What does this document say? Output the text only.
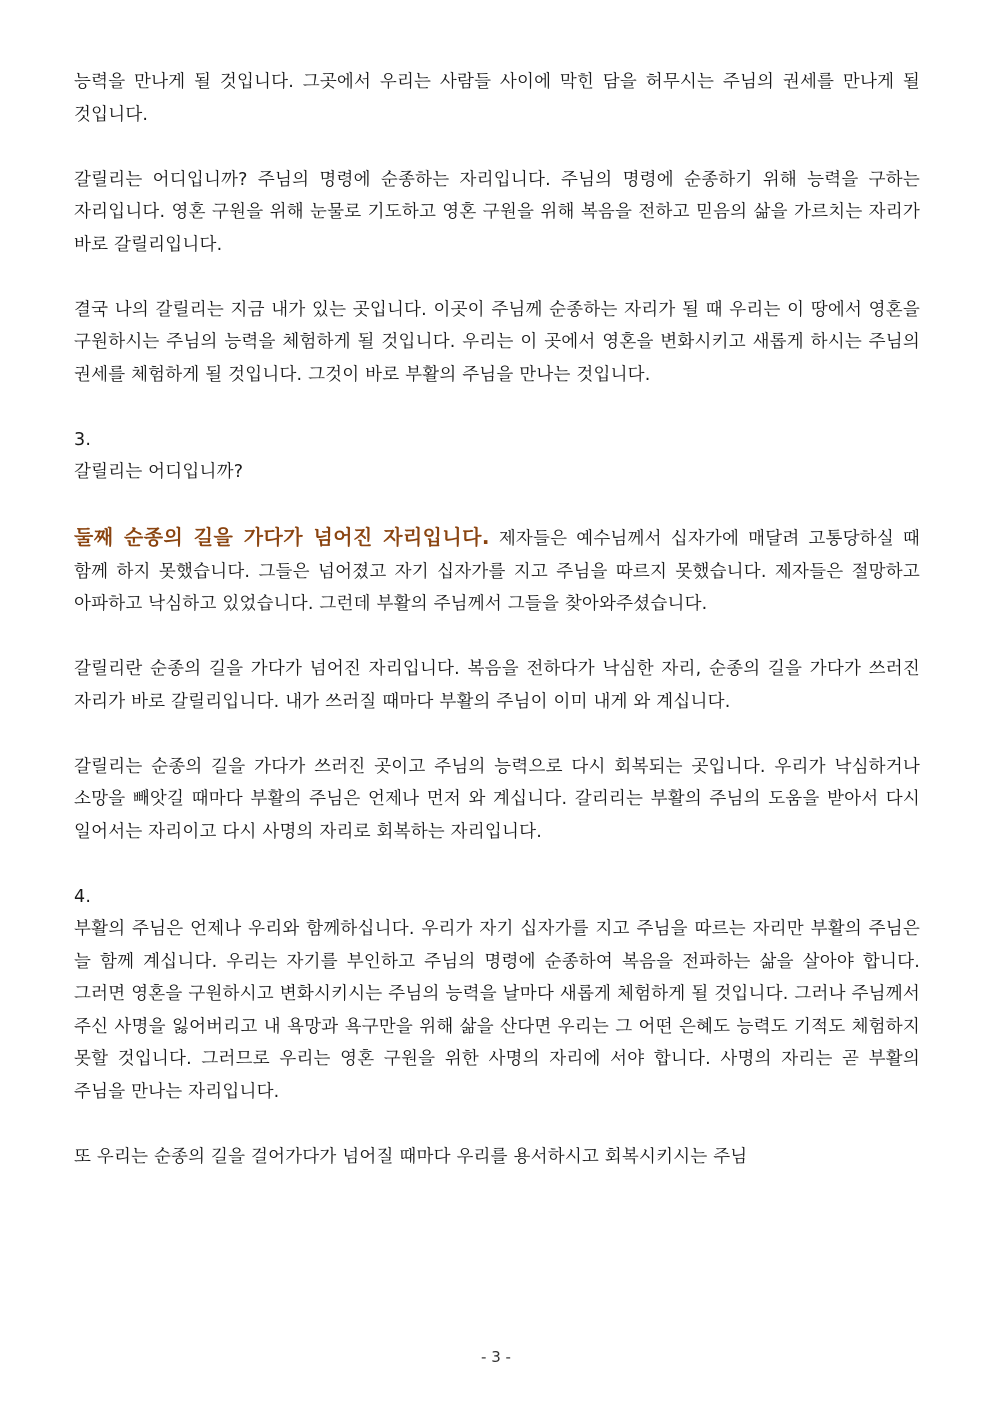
능력을 만나게 될 것입니다. 그곳에서 우리는 사람들 사이에 막힌 담을 허무시는 주님의 권세를 만나게 될 것입니다.

갈릴리는 어디입니까? 주님의 명령에 순종하는 자리입니다. 주님의 명령에 순종하기 위해 능력을 구하는 자리입니다. 영혼 구원을 위해 눈물로 기도하고 영혼 구원을 위해 복음을 전하고 믿음의 삶을 가르치는 자리가 바로 갈릴리입니다.

결국 나의 갈릴리는 지금 내가 있는 곳입니다. 이곳이 주님께 순종하는 자리가 될 때 우리는 이 땅에서 영혼을 구원하시는 주님의 능력을 체험하게 될 것입니다. 우리는 이 곳에서 영혼을 변화시키고 새롭게 하시는 주님의 권세를 체험하게 될 것입니다. 그것이 바로 부활의 주님을 만나는 것입니다.

3.
갈릴리는 어디입니까?

둘째 순종의 길을 가다가 넘어진 자리입니다. 제자들은 예수님께서 십자가에 매달려 고통당하실 때 함께 하지 못했습니다. 그들은 넘어졌고 자기 십자가를 지고 주님을 따르지 못했습니다. 제자들은 절망하고 아파하고 낙심하고 있었습니다. 그런데 부활의 주님께서 그들을 찾아와주셨습니다.

갈릴리란 순종의 길을 가다가 넘어진 자리입니다. 복음을 전하다가 낙심한 자리, 순종의 길을 가다가 쓰러진 자리가 바로 갈릴리입니다. 내가 쓰러질 때마다 부활의 주님이 이미 내게 와 계십니다.

갈릴리는 순종의 길을 가다가 쓰러진 곳이고 주님의 능력으로 다시 회복되는 곳입니다. 우리가 낙심하거나 소망을 빼앗길 때마다 부활의 주님은 언제나 먼저 와 계십니다. 갈리리는 부활의 주님의 도움을 받아서 다시 일어서는 자리이고 다시 사명의 자리로 회복하는 자리입니다.

4.

부활의 주님은 언제나 우리와 함께하십니다. 우리가 자기 십자가를 지고 주님을 따르는 자리만 부활의 주님은 늘 함께 계십니다. 우리는 자기를 부인하고 주님의 명령에 순종하여 복음을 전파하는 삶을 살아야 합니다. 그러면 영혼을 구원하시고 변화시키시는 주님의 능력을 날마다 새롭게 체험하게 될 것입니다. 그러나 주님께서 주신 사명을 잃어버리고 내 욕망과 욕구만을 위해 삶을 산다면 우리는 그 어떤 은혜도 능력도 기적도 체험하지 못할 것입니다. 그러므로 우리는 영혼 구원을 위한 사명의 자리에 서야 합니다. 사명의 자리는 곧 부활의 주님을 만나는 자리입니다.

또 우리는 순종의 길을 걸어가다가 넘어질 때마다 우리를 용서하시고 회복시키시는 주님

- 3 -
